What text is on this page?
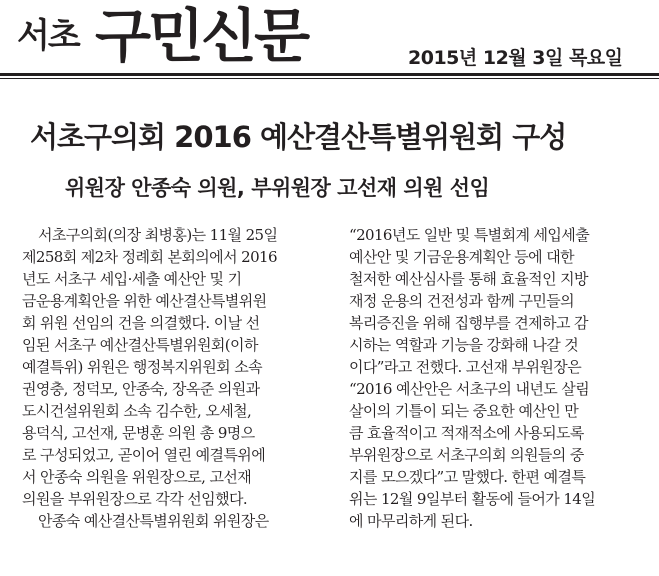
서초 구민신문	2015년 12월 3일 목요일
서초구의회 2016 예산결산특별위원회 구성
위원장 안종숙 의원, 부위원장 고선재 의원 선임
서초구의회(의장 최병홍)는 11월 25일
제258회 제2차 정례회 본회의에서 2016
년도 서초구 세입·세출 예산안 및 기
금운용계획안을 위한 예산결산특별위원
회 위원 선임의 건을 의결했다. 이날 선
임된 서초구 예산결산특별위원회(이하
예결특위) 위원은 행정복지위원회 소속
권영충, 정덕모, 안종숙, 장옥준 의원과
도시건설위원회 소속 김수한, 오세철,
용덕식, 고선재, 문병훈 의원 총 9명으
로 구성되었고, 곧이어 열린 예결특위에
서 안종숙 의원을 위원장으로, 고선재
의원을 부위원장으로 각각 선임했다.
안종숙 예산결산특별위원회 위원장은
“2016년도 일반 및 특별회계 세입세출
예산안 및 기금운용계획안 등에 대한
철저한 예산심사를 통해 효율적인 지방
재정 운용의 건전성과 함께 구민들의
복리증진을 위해 집행부를 견제하고 감
시하는 역할과 기능을 강화해 나갈 것
이다”라고 전했다. 고선재 부위원장은
“2016 예산안은 서초구의 내년도 살림
살이의 기틀이 되는 중요한 예산인 만
큼 효율적이고 적재적소에 사용되도록
부위원장으로 서초구의회 의원들의 중
지를 모으겠다”고 말했다. 한편 예결특
위는 12월 9일부터 활동에 들어가 14일
에 마무리하게 된다.
